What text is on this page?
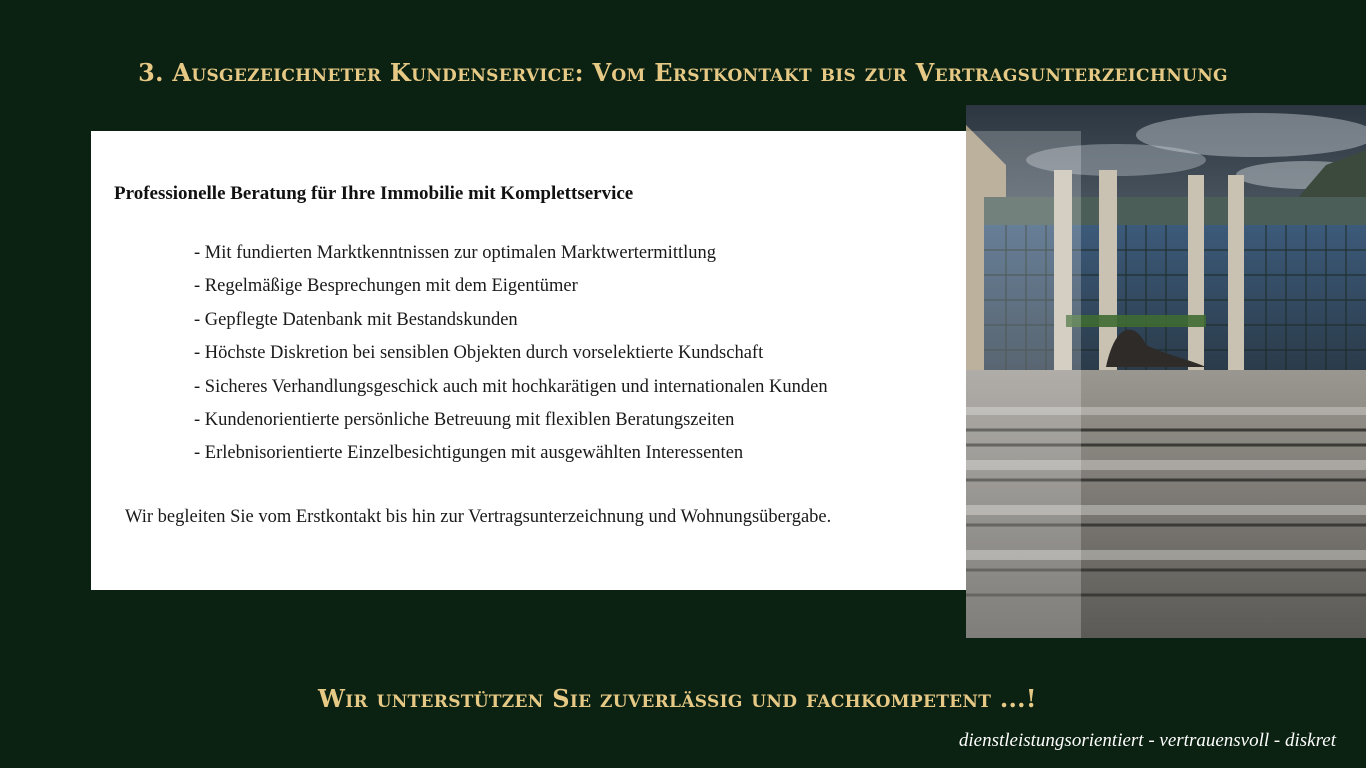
3. Ausgezeichneter Kundenservice: Vom Erstkontakt bis zur Vertragsunterzeichnung
Professionelle Beratung für Ihre Immobilie mit Komplettservice
- Mit fundierten Marktkenntnissen zur optimalen Marktwertermittlung
- Regelmäßige Besprechungen mit dem Eigentümer
- Gepflegte Datenbank mit Bestandskunden
- Höchste Diskretion bei sensiblen Objekten durch vorselektierte Kundschaft
- Sicheres Verhandlungsgeschick auch mit hochkarätigen und internationalen Kunden
- Kundenorientierte persönliche Betreuung mit flexiblen Beratungszeiten
- Erlebnisorientierte Einzelbesichtigungen mit ausgewählten Interessenten

Wir begleiten Sie vom Erstkontakt bis hin zur Vertragsunterzeichnung und Wohnungsübergabe.

Wir unterstützen Sie zuverlässig und fachkompetent ...!

dienstleistungsorientiert - vertrauensvoll - diskret
